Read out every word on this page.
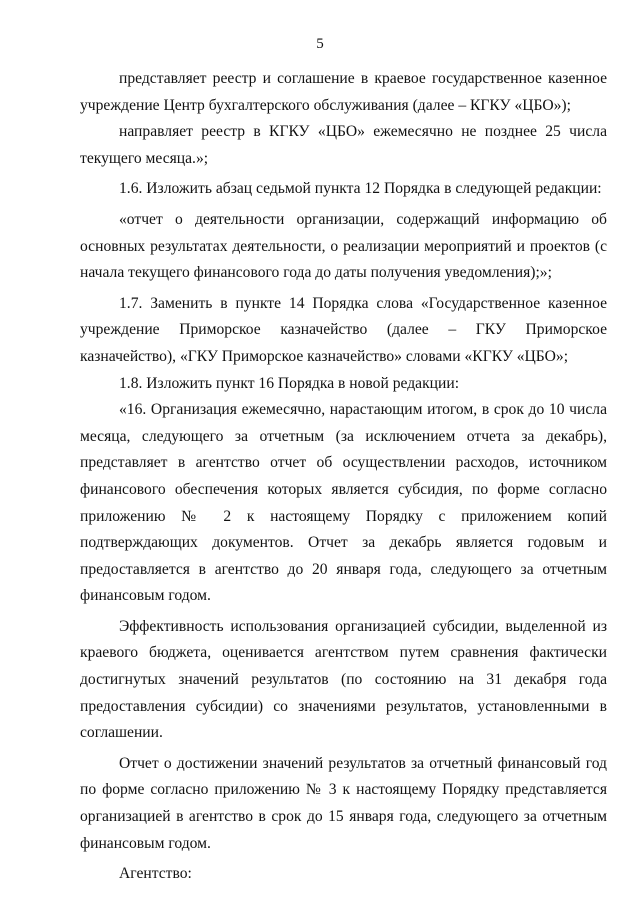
5

представляет реестр и соглашение в краевое государственное казенное учреждение Центр бухгалтерского обслуживания (далее – КГКУ «ЦБО»);

направляет реестр в КГКУ «ЦБО» ежемесячно не позднее 25 числа текущего месяца.»;

1.6. Изложить абзац седьмой пункта 12 Порядка в следующей редакции:

«отчет о деятельности организации, содержащий информацию об основных результатах деятельности, о реализации мероприятий и проектов (с начала текущего финансового года до даты получения уведомления);»;

1.7. Заменить в пункте 14 Порядка слова «Государственное казенное учреждение Приморское казначейство (далее – ГКУ Приморское казначейство), «ГКУ Приморское казначейство» словами «КГКУ «ЦБО»;

1.8. Изложить пункт 16 Порядка в новой редакции:

«16. Организация ежемесячно, нарастающим итогом, в срок до 10 числа месяца, следующего за отчетным (за исключением отчета за декабрь), представляет в агентство отчет об осуществлении расходов, источником финансового обеспечения которых является субсидия, по форме согласно приложению № 2 к настоящему Порядку с приложением копий подтверждающих документов. Отчет за декабрь является годовым и предоставляется в агентство до 20 января года, следующего за отчетным финансовым годом.

Эффективность использования организацией субсидии, выделенной из краевого бюджета, оценивается агентством путем сравнения фактически достигнутых значений результатов (по состоянию на 31 декабря года предоставления субсидии) со значениями результатов, установленными в соглашении.

Отчет о достижении значений результатов за отчетный финансовый год по форме согласно приложению № 3 к настоящему Порядку представляется организацией в агентство в срок до 15 января года, следующего за отчетным финансовым годом.

Агентство:
